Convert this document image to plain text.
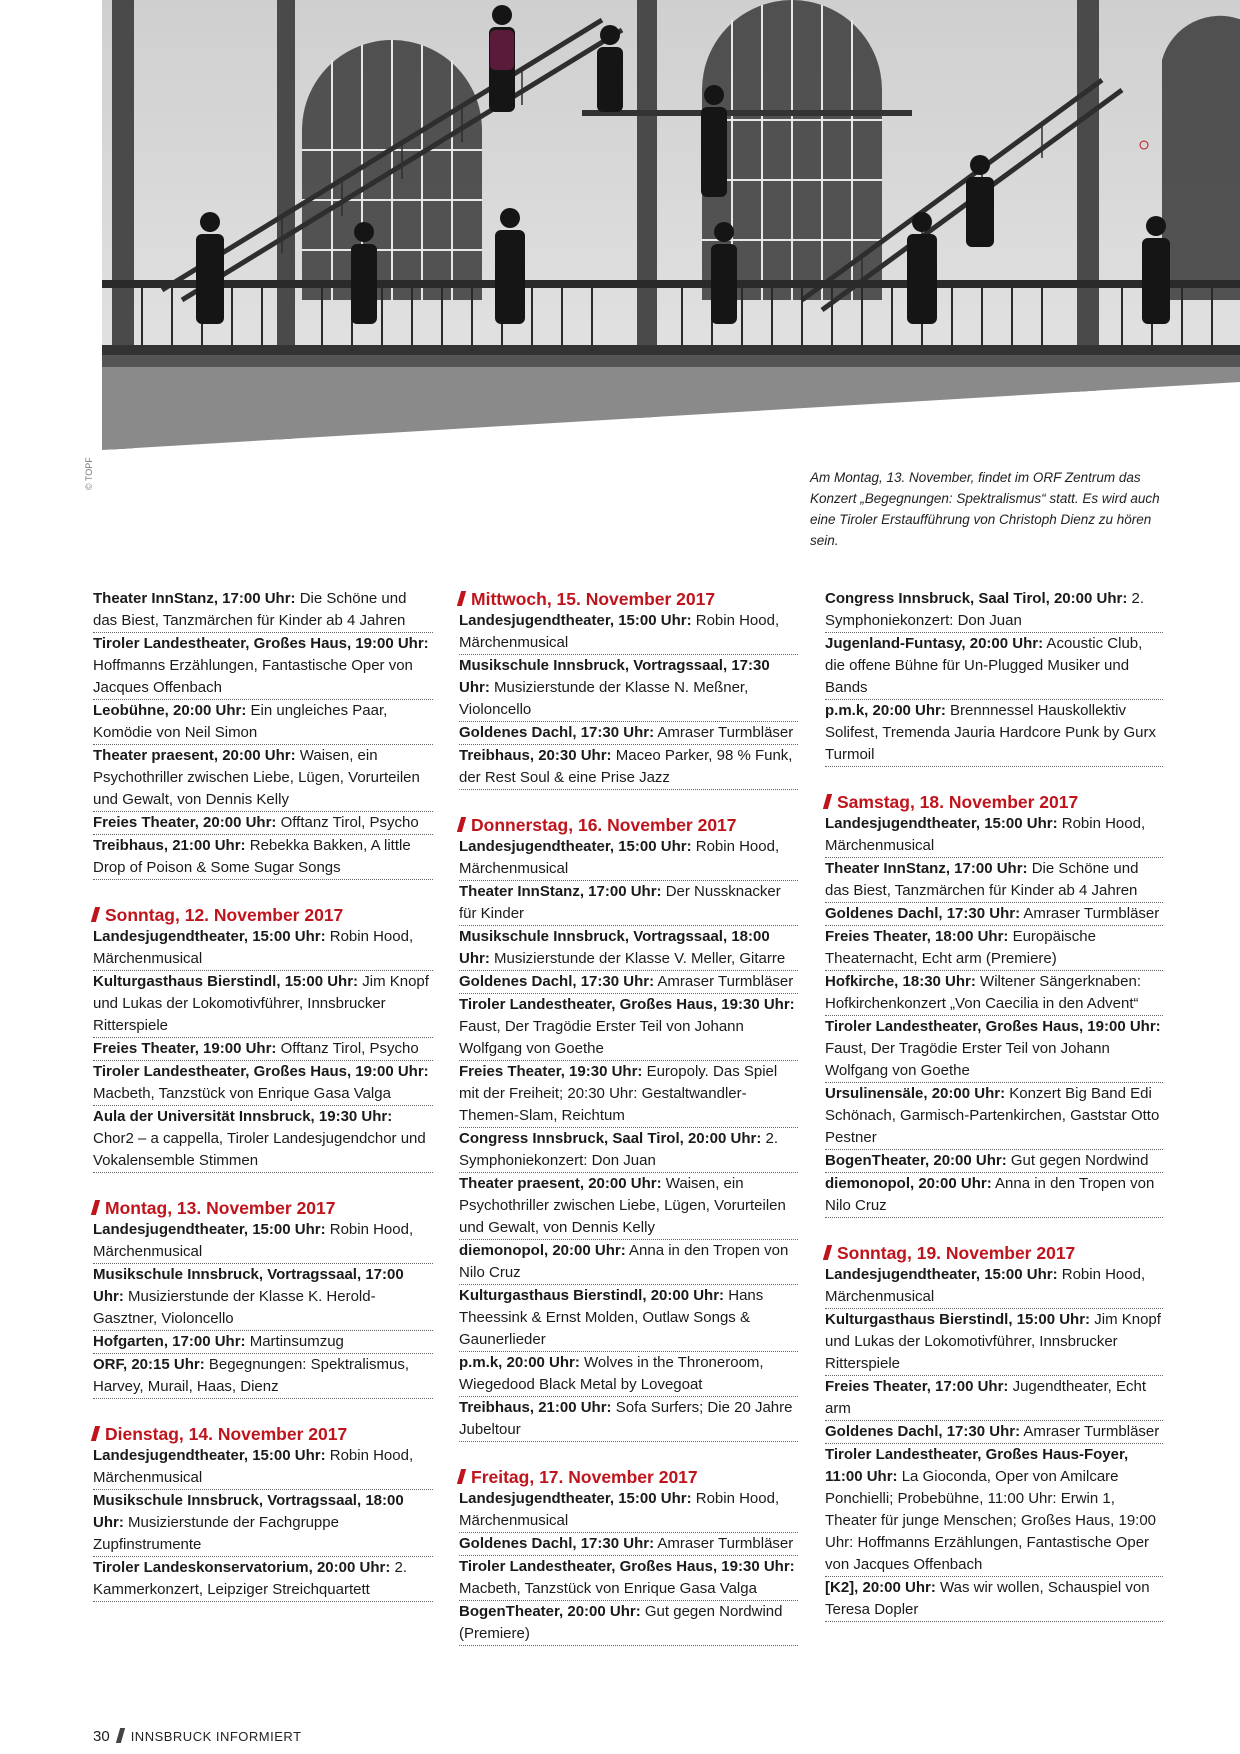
© TOPF	Am Montag, 13. November, findet im ORF Zentrum das Konzert „Begegnungen: Spektralismus“ statt. Es wird auch eine Tiroler Erstaufführung von Christoph Dienz zu hören sein.
Theater InnStanz, 17:00 Uhr: Die Schöne und das Biest, Tanzmärchen für Kinder ab 4 Jahren
Tiroler Landestheater, Großes Haus, 19:00 Uhr: Hoffmanns Erzählungen, Fantastische Oper von Jacques Offenbach
Leobühne, 20:00 Uhr: Ein ungleiches Paar, Komödie von Neil Simon
Theater praesent, 20:00 Uhr: Waisen, ein Psychothriller zwischen Liebe, Lügen, Vorurteilen und Gewalt, von Dennis Kelly
Freies Theater, 20:00 Uhr: Offtanz Tirol, Psycho
Treibhaus, 21:00 Uhr: Rebekka Bakken, A little Drop of Poison & Some Sugar Songs
Sonntag, 12. November 2017
Landesjugendtheater, 15:00 Uhr: Robin Hood, Märchenmusical
Kulturgasthaus Bierstindl, 15:00 Uhr: Jim Knopf und Lukas der Lokomotivführer, Innsbrucker Ritterspiele
Freies Theater, 19:00 Uhr: Offtanz Tirol, Psycho
Tiroler Landestheater, Großes Haus, 19:00 Uhr: Macbeth, Tanzstück von Enrique Gasa Valga
Aula der Universität Innsbruck, 19:30 Uhr: Chor2 – a cappella, Tiroler Landesjugendchor und Vokalensemble Stimmen
Montag, 13. November 2017
Landesjugendtheater, 15:00 Uhr: Robin Hood, Märchenmusical
Musikschule Innsbruck, Vortragssaal, 17:00 Uhr: Musizierstunde der Klasse K. Herold-Gasztner, Violoncello
Hofgarten, 17:00 Uhr: Martinsumzug
ORF, 20:15 Uhr: Begegnungen: Spektralismus, Harvey, Murail, Haas, Dienz
Dienstag, 14. November 2017
Landesjugendtheater, 15:00 Uhr: Robin Hood, Märchenmusical
Musikschule Innsbruck, Vortragssaal, 18:00 Uhr: Musizierstunde der Fachgruppe Zupfinstrumente
Tiroler Landeskonservatorium, 20:00 Uhr: 2. Kammerkonzert, Leipziger Streichquartett
Mittwoch, 15. November 2017
Landesjugendtheater, 15:00 Uhr: Robin Hood, Märchenmusical
Musikschule Innsbruck, Vortragssaal, 17:30 Uhr: Musizierstunde der Klasse N. Meßner, Violoncello
Goldenes Dachl, 17:30 Uhr: Amraser Turmbläser
Treibhaus, 20:30 Uhr: Maceo Parker, 98 % Funk, der Rest Soul & eine Prise Jazz
Donnerstag, 16. November 2017
Landesjugendtheater, 15:00 Uhr: Robin Hood, Märchenmusical
Theater InnStanz, 17:00 Uhr: Der Nussknacker für Kinder
Musikschule Innsbruck, Vortragssaal, 18:00 Uhr: Musizierstunde der Klasse V. Meller, Gitarre
Goldenes Dachl, 17:30 Uhr: Amraser Turmbläser
Tiroler Landestheater, Großes Haus, 19:30 Uhr: Faust, Der Tragödie Erster Teil von Johann Wolfgang von Goethe
Freies Theater, 19:30 Uhr: Europoly. Das Spiel mit der Freiheit; 20:30 Uhr: Gestaltwandler-Themen-Slam, Reichtum
Congress Innsbruck, Saal Tirol, 20:00 Uhr: 2. Symphoniekonzert: Don Juan
Theater praesent, 20:00 Uhr: Waisen, ein Psychothriller zwischen Liebe, Lügen, Vorurteilen und Gewalt, von Dennis Kelly
diemonopol, 20:00 Uhr: Anna in den Tropen von Nilo Cruz
Kulturgasthaus Bierstindl, 20:00 Uhr: Hans Theessink & Ernst Molden, Outlaw Songs & Gaunerlieder
p.m.k, 20:00 Uhr: Wolves in the Throneroom, Wiegedood Black Metal by Lovegoat
Treibhaus, 21:00 Uhr: Sofa Surfers; Die 20 Jahre Jubeltour
Freitag, 17. November 2017
Landesjugendtheater, 15:00 Uhr: Robin Hood, Märchenmusical
Goldenes Dachl, 17:30 Uhr: Amraser Turmbläser
Tiroler Landestheater, Großes Haus, 19:30 Uhr: Macbeth, Tanzstück von Enrique Gasa Valga
BogenTheater, 20:00 Uhr: Gut gegen Nordwind (Premiere)
Congress Innsbruck, Saal Tirol, 20:00 Uhr: 2. Symphoniekonzert: Don Juan
Jugenland-Funtasy, 20:00 Uhr: Acoustic Club, die offene Bühne für Un-Plugged Musiker und Bands
p.m.k, 20:00 Uhr: Brennnessel Hauskollektiv Solifest, Tremenda Jauria Hardcore Punk by Gurx Turmoil
Samstag, 18. November 2017
Landesjugendtheater, 15:00 Uhr: Robin Hood, Märchenmusical
Theater InnStanz, 17:00 Uhr: Die Schöne und das Biest, Tanzmärchen für Kinder ab 4 Jahren
Goldenes Dachl, 17:30 Uhr: Amraser Turmbläser
Freies Theater, 18:00 Uhr: Europäische Theaternacht, Echt arm (Premiere)
Hofkirche, 18:30 Uhr: Wiltener Sängerknaben: Hofkirchenkonzert „Von Caecilia in den Advent“
Tiroler Landestheater, Großes Haus, 19:00 Uhr: Faust, Der Tragödie Erster Teil von Johann Wolfgang von Goethe
Ursulinensäle, 20:00 Uhr: Konzert Big Band Edi Schönach, Garmisch-Partenkirchen, Gaststar Otto Pestner
BogenTheater, 20:00 Uhr: Gut gegen Nordwind
diemonopol, 20:00 Uhr: Anna in den Tropen von Nilo Cruz
Sonntag, 19. November 2017
Landesjugendtheater, 15:00 Uhr: Robin Hood, Märchenmusical
Kulturgasthaus Bierstindl, 15:00 Uhr: Jim Knopf und Lukas der Lokomotivführer, Innsbrucker Ritterspiele
Freies Theater, 17:00 Uhr: Jugendtheater, Echt arm
Goldenes Dachl, 17:30 Uhr: Amraser Turmbläser
Tiroler Landestheater, Großes Haus-Foyer, 11:00 Uhr: La Gioconda, Oper von Amilcare Ponchielli; Probebühne, 11:00 Uhr: Erwin 1, Theater für junge Menschen; Großes Haus, 19:00 Uhr: Hoffmanns Erzählungen, Fantastische Oper von Jacques Offenbach
[K2], 20:00 Uhr: Was wir wollen, Schauspiel von Teresa Dopler
30 INNSBRUCK INFORMIERT
